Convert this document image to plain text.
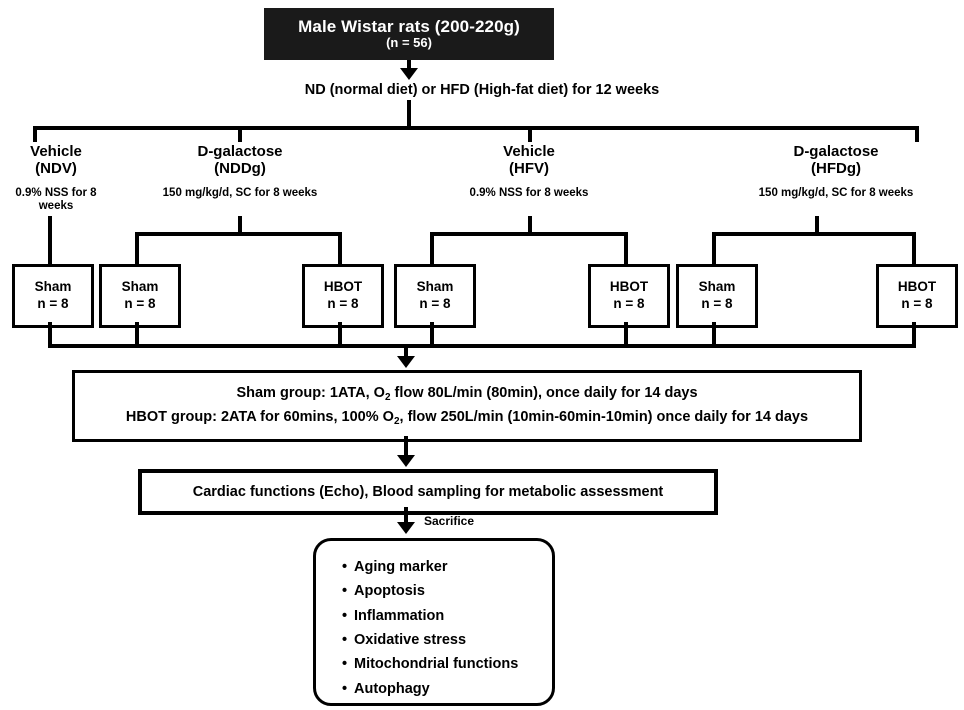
Male Wistar rats (200-220g)
(n = 56)
ND (normal diet) or HFD (High-fat diet) for 12 weeks
Vehicle
(NDV)
0.9% NSS for 8 weeks
D-galactose
(NDDg)
150 mg/kg/d, SC for 8 weeks
Vehicle
(HFV)
0.9% NSS for 8 weeks
D-galactose
(HFDg)
150 mg/kg/d, SC for 8 weeks
Sham
n = 8
Sham
n = 8
HBOT
n = 8
Sham
n = 8
HBOT
n = 8
Sham
n = 8
HBOT
n = 8
Sham group: 1ATA, $O_2$ flow 80L/min (80min), once daily for 14 days
HBOT group: 2ATA for 60mins, 100% $O_2$, flow 250L/min (10min-60min-10min) once daily for 14 days
Cardiac functions (Echo), Blood sampling for metabolic assessment
Sacrifice
• Aging marker
• Apoptosis
• Inflammation
• Oxidative stress
• Mitochondrial functions
• Autophagy
